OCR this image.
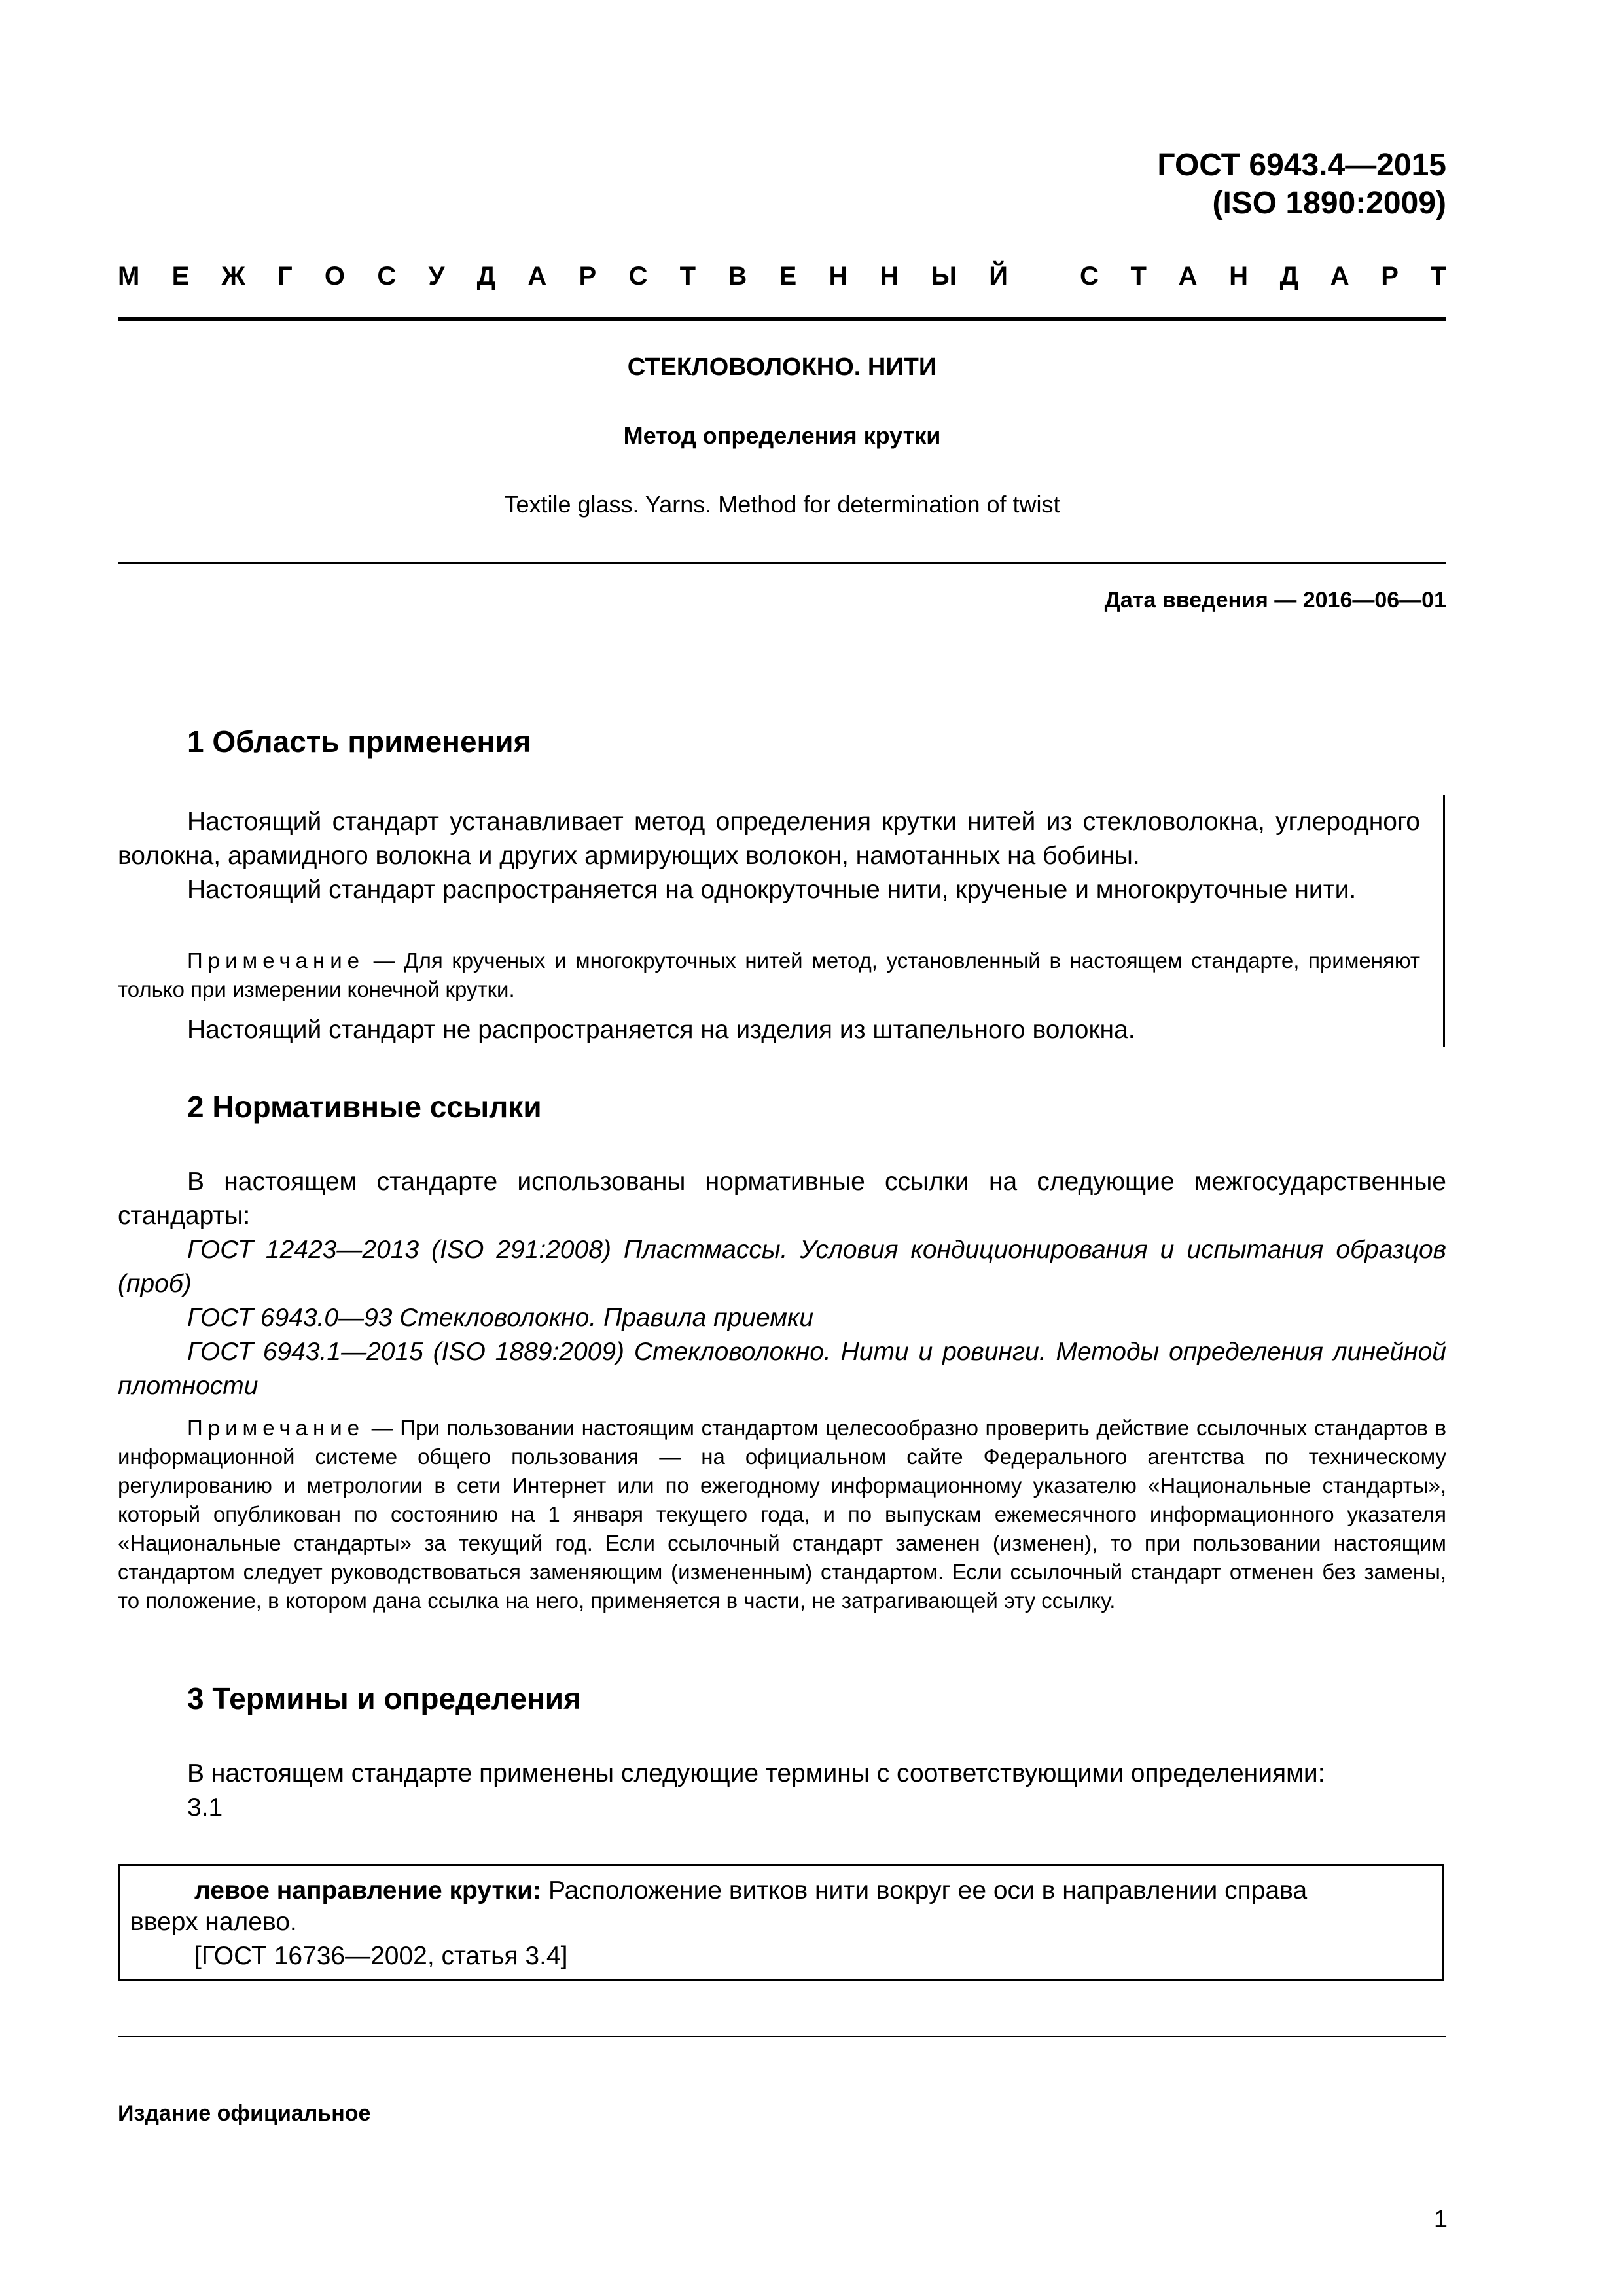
ГОСТ 6943.4—2015
(ISO 1890:2009)
М Е Ж Г О С У Д А Р С Т В Е Н Н Ы Й	С Т А Н Д А Р Т
СТЕКЛОВОЛОКНО. НИТИ
Метод определения крутки
Textile glass. Yarns. Method for determination of twist
Дата введения — 2016—06—01
1 Область применения
Настоящий стандарт устанавливает метод определения крутки нитей из стекловолокна, углеродного волокна, арамидного волокна и других армирующих волокон, намотанных на бобины.
Настоящий стандарт распространяется на однокруточные нити, крученые и многокруточные нити.
Примечание — Для крученых и многокруточных нитей метод, установленный в настоящем стандарте, применяют только при измерении конечной крутки.
Настоящий стандарт не распространяется на изделия из штапельного волокна.
2 Нормативные ссылки
В настоящем стандарте использованы нормативные ссылки на следующие межгосударственные стандарты:
ГОСТ 12423—2013 (ISO 291:2008) Пластмассы. Условия кондиционирования и испытания образцов (проб)
ГОСТ 6943.0—93 Стекловолокно. Правила приемки
ГОСТ 6943.1—2015 (ISO 1889:2009) Стекловолокно. Нити и ровинги. Методы определения линейной плотности
Примечание — При пользовании настоящим стандартом целесообразно проверить действие ссылочных стандартов в информационной системе общего пользования — на официальном сайте Федерального агентства по техническому регулированию и метрологии в сети Интернет или по ежегодному информационному указателю «Национальные стандарты», который опубликован по состоянию на 1 января текущего года, и по выпускам ежемесячного информационного указателя «Национальные стандарты» за текущий год. Если ссылочный стандарт заменен (изменен), то при пользовании настоящим стандартом следует руководствоваться заменяющим (измененным) стандартом. Если ссылочный стандарт отменен без замены, то положение, в котором дана ссылка на него, применяется в части, не затрагивающей эту ссылку.
3 Термины и определения
В настоящем стандарте применены следующие термины с соответствующими определениями:
3.1
левое направление крутки: Расположение витков нити вокруг ее оси в направлении справа
вверх налево.
[ГОСТ 16736—2002, статья 3.4]
Издание официальное
1
